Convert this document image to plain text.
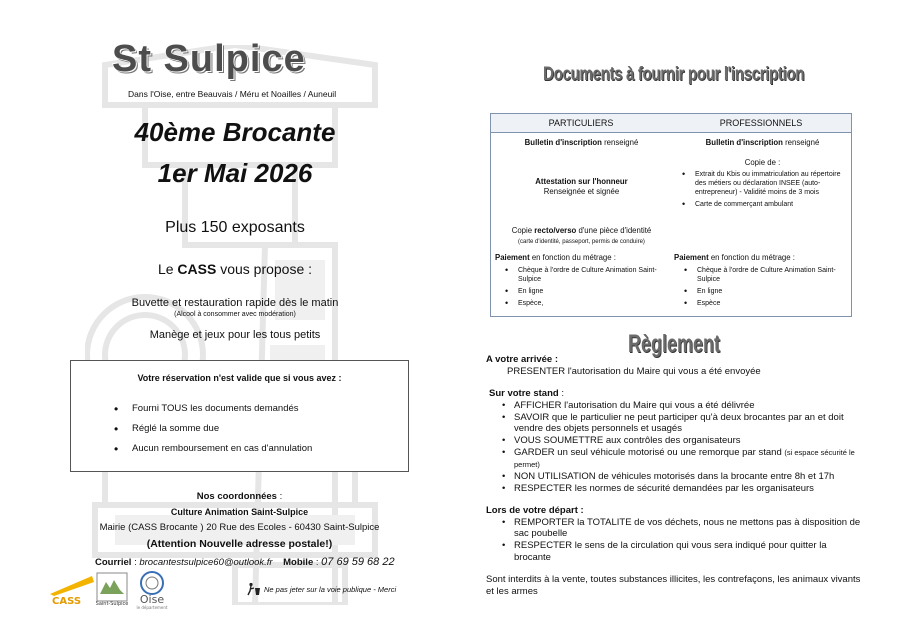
St Sulpice
Dans l'Oise, entre Beauvais / Méru et Noailles / Auneuil
40ème Brocante
1er Mai 2026
Plus 150 exposants
Le CASS vous propose :
Buvette et restauration rapide dès le matin
(Alcool à consommer avec modération)
Manège et jeux pour les tous petits
Votre réservation n'est valide que si vous avez :
• Fourni TOUS les documents demandés
• Réglé la somme due
• Aucun remboursement en cas d'annulation
Nos coordonnées :
Culture Animation Saint-Sulpice
Mairie (CASS Brocante ) 20 Rue des Ecoles - 60430 Saint-Sulpice
(Attention Nouvelle adresse postale!)
Courriel : brocantestsulpice60@outlook.fr Mobile : 07 69 59 68 22
CASS	Saint-Sulpice Oise
le département
Ne pas jeter sur la voie publique - Merci
Documents à fournir pour l'inscription
PARTICULIERS	PROFESSIONNELS
Bulletin d'inscription renseigné
Attestation sur l'honneur
Renseignée et signée
Copie recto/verso d'une pièce d'identité
(carte d'identité, passeport, permis de conduire)
Paiement en fonction du métrage :
• Chèque à l'ordre de Culture Animation Saint-Sulpice
• En ligne
• Espèce,
Bulletin d'inscription renseigné
Copie de :
• Extrait du Kbis ou immatriculation au répertoire des métiers ou déclaration INSEE (auto-entrepreneur) - Validité moins de 3 mois
• Carte de commerçant ambulant
Paiement en fonction du métrage :
• Chèque à l'ordre de Culture Animation Saint-Sulpice
• En ligne
• Espèce
Règlement
A votre arrivée :
PRESENTER l'autorisation du Maire qui vous a été envoyée
Sur votre stand :
• AFFICHER l'autorisation du Maire qui vous a été délivrée
• SAVOIR que le particulier ne peut participer qu'à deux brocantes par an et doit vendre des objets personnels et usagés
• VOUS SOUMETTRE aux contrôles des organisateurs
• GARDER un seul véhicule motorisé ou une remorque par stand (si espace sécurité le permet)
• NON UTILISATION de véhicules motorisés dans la brocante entre 8h et 17h
• RESPECTER les normes de sécurité demandées par les organisateurs
Lors de votre départ :
• REMPORTER la TOTALITE de vos déchets, nous ne mettons pas à disposition de sac poubelle
• RESPECTER le sens de la circulation qui vous sera indiqué pour quitter la brocante
Sont interdits à la vente, toutes substances illicites, les contrefaçons, les animaux vivants et les armes
